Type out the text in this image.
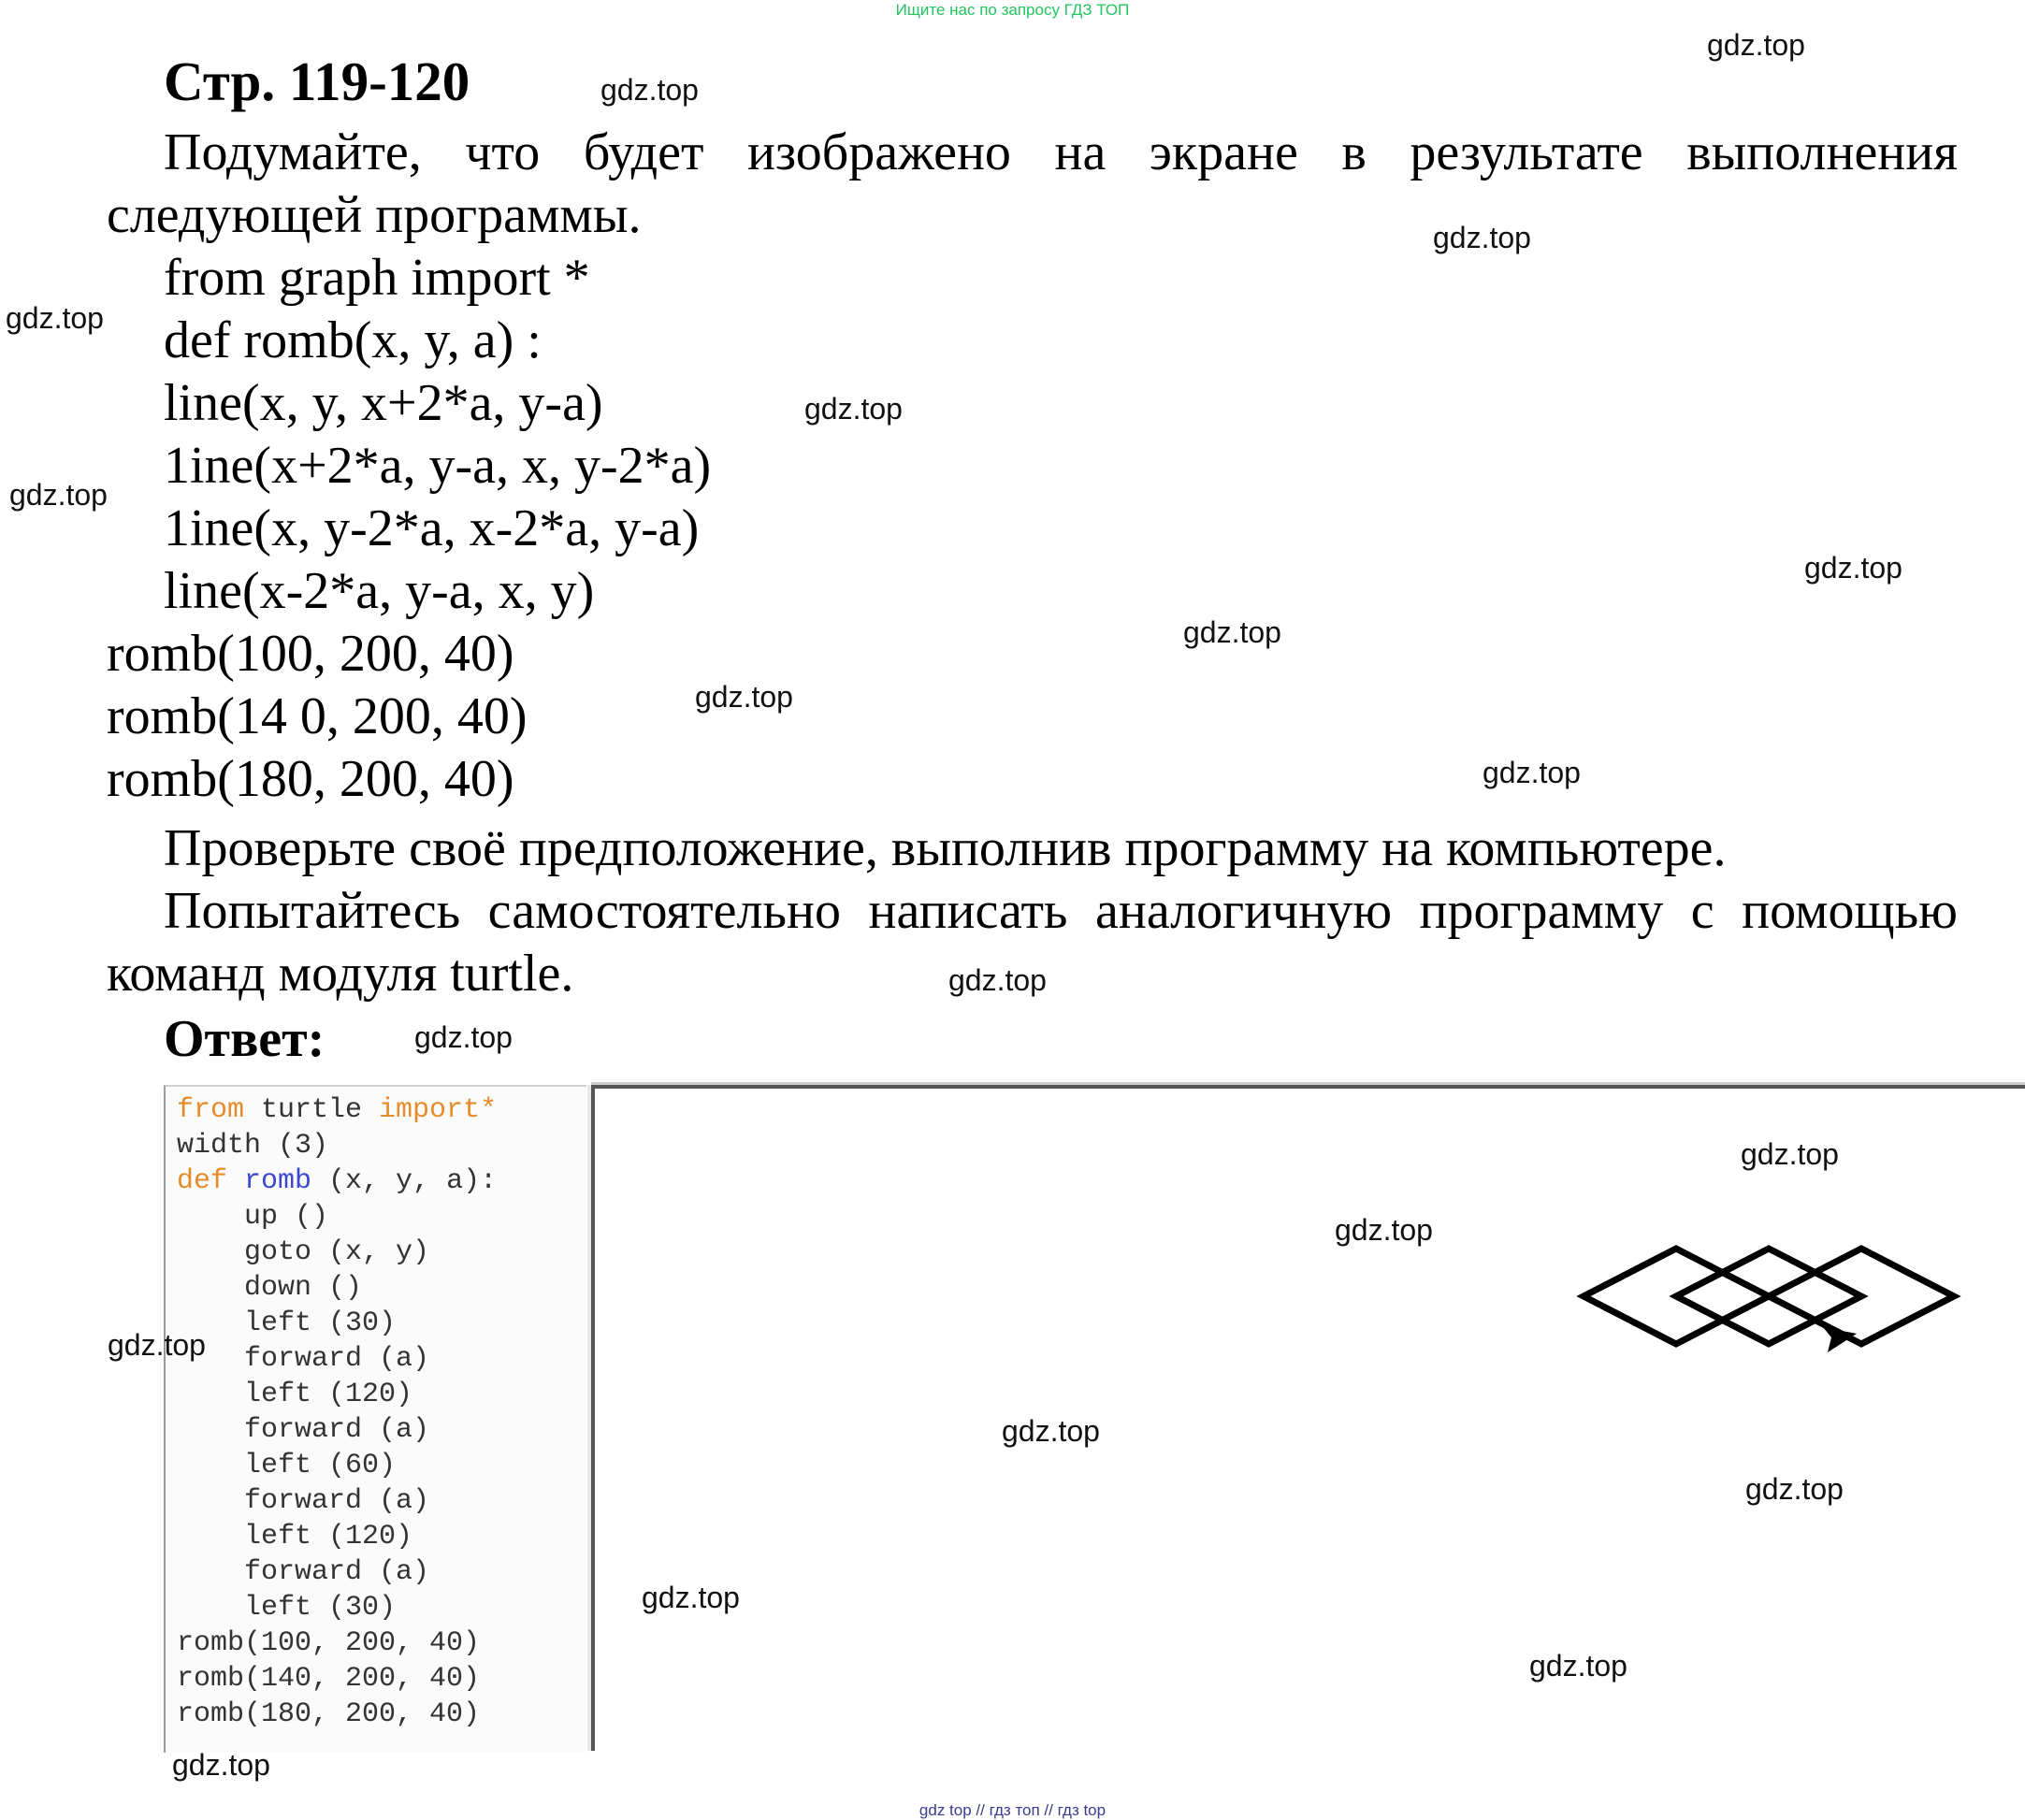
Ищите нас по запросу ГДЗ ТОП
Стр. 119-120
Подумайте, что будет изображено на экране в результате выполнения
следующей программы.
from graph import *
def romb(x, y, a) :
line(x, y, x+2*a, y-a)
1ine(x+2*a, y-a, x, y-2*a)
1ine(x, y-2*a, x-2*a, y-a)
line(x-2*a, y-a, x, y)
romb(100, 200, 40)
romb(14 0, 200, 40)
romb(180, 200, 40)
Проверьте своё предположение, выполнив программу на компьютере.
Попытайтесь самостоятельно написать аналогичную программу с помощью
команд модуля turtle.
Ответ:
from turtle import*
width (3)
def romb (x, y, a):
up ()
goto (x, y)
down ()
left (30)
forward (a)
left (120)
forward (a)
left (60)
forward (a)
left (120)
forward (a)
left (30)
romb(100, 200, 40)
romb(140, 200, 40)
romb(180, 200, 40)
gdz.top
gdz.top
gdz.top
gdz.top
gdz.top
gdz.top
gdz.top
gdz.top
gdz.top
gdz.top
gdz.top
gdz.top
gdz.top
gdz.top
gdz.top
gdz.top
gdz.top
gdz.top
gdz.top
gdz.top
gdz top // гдз топ // гдз top
